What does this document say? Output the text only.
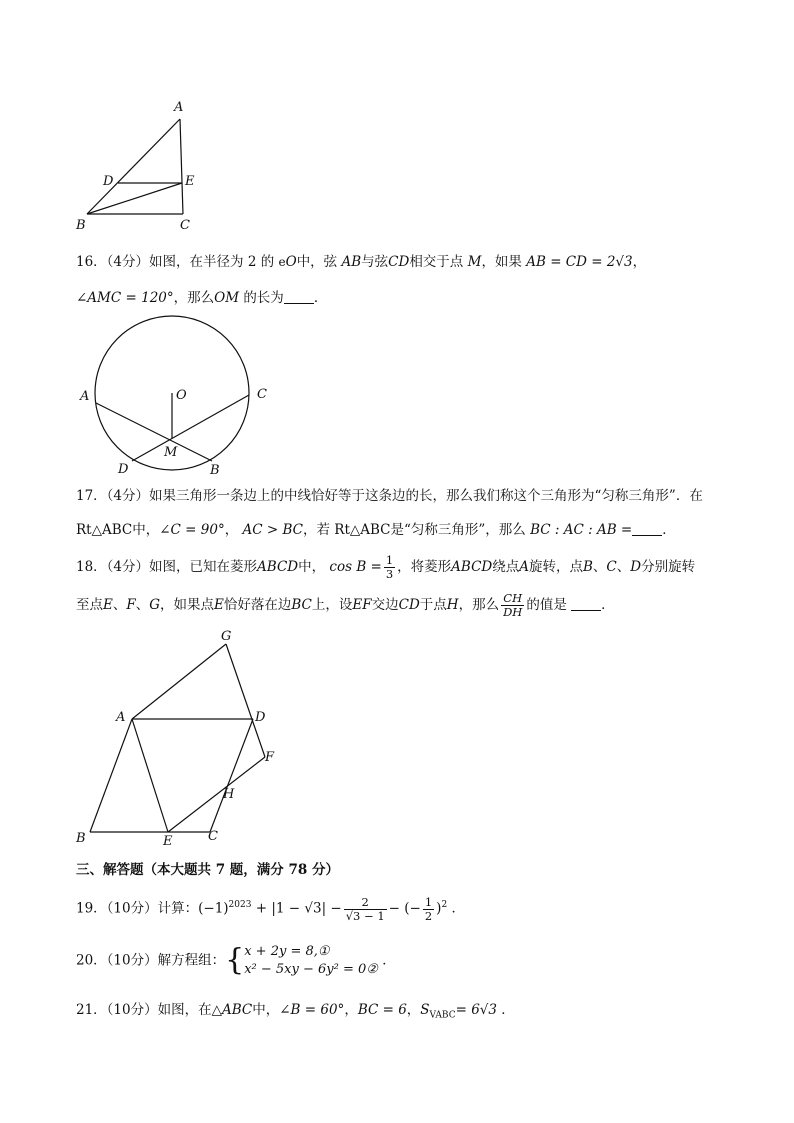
A
D	E
B	C
16．（4分）如图，在半径为 2 的 eO中，弦 AB与弦CD相交于点 M，如果 AB = CD = 2√3，
∠AMC = 120°，那么OM 的长为 ．
A	O	C
M
D	B
17．（4分）如果三角形一条边上的中线恰好等于这条边的长，那么我们称这个三角形为“匀称三角形”．在
Rt△ABC中，∠C = 90°， AC > BC，若 Rt△ABC是“匀称三角形”，那么 BC : AC : AB = ．
18．（4分）如图，已知在菱形ABCD中， $\cos B = \frac{1}{3}$ ，将菱形ABCD绕点A旋转，点B、C、D分别旋转
至点E、F、G，如果点E恰好落在边BC上，设EF交边CD于点H，那么 $\frac{CH}{DH}$ 的值是	．
G
A	D
F
H
B	E	C
三、解答题（本大题共 7 题，满分 78 分）
19．（10分）计算：$(-1)^{2023} + |1 - √3| - \frac{2}{√3 - 1}$ − (− $\frac{1}{2} )^2$ ．
20．（10分）解方程组：{ x + 2y = 8,①
x² − 5xy − 6y² = 0②
．
21．（10分）如图，在△ABC中，∠B = 60°，BC = 6，$S_{VABC}= 6√3$ ．
